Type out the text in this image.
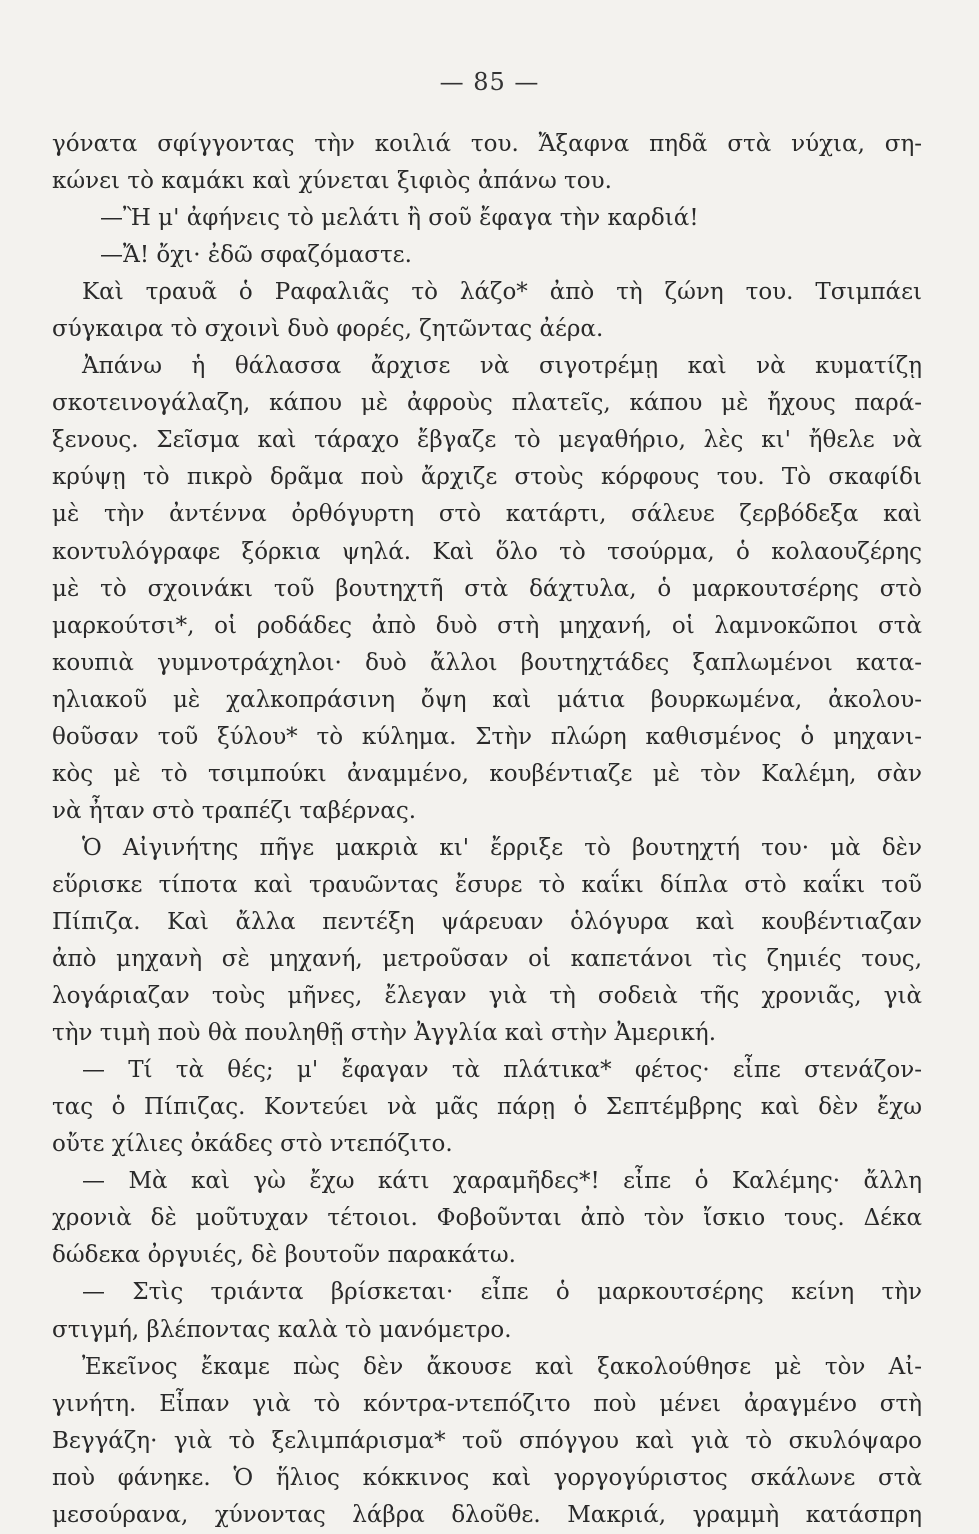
— 85 —
γόνατα σφίγγοντας τὴν κοιλιά του. Ἄξαφνα πηδᾶ στὰ νύχια, ση-
κώνει τὸ καμάκι καὶ χύνεται ξιφιὸς ἀπάνω του.
—Ἢ μ' ἀφήνεις τὸ μελάτι ἢ σοῦ ἔφαγα τὴν καρδιά!
—Ἄ! ὄχι· ἐδῶ σφαζόμαστε.
Καὶ τραυᾶ ὁ Ραφαλιᾶς τὸ λάζο* ἀπὸ τὴ ζώνη του. Τσιμπάει
σύγκαιρα τὸ σχοινὶ δυὸ φορές, ζητῶντας ἀέρα.
Ἀπάνω ἡ θάλασσα ἄρχισε νὰ σιγοτρέμῃ καὶ νὰ κυματίζῃ
σκοτεινογάλαζη, κάπου μὲ ἀφροὺς πλατεῖς, κάπου μὲ ἤχους παρά-
ξενους. Σεῖσμα καὶ τάραχο ἔβγαζε τὸ μεγαθήριο, λὲς κι' ἤθελε νὰ
κρύψῃ τὸ πικρὸ δρᾶμα ποὺ ἄρχιζε στοὺς κόρφους του. Τὸ σκαφίδι
μὲ τὴν ἀντέννα ὀρθόγυρτη στὸ κατάρτι, σάλευε ζερβόδεξα καὶ
κοντυλόγραφε ξόρκια ψηλά. Καὶ ὅλο τὸ τσούρμα, ὁ κολαουζέρης
μὲ τὸ σχοινάκι τοῦ βουτηχτῆ στὰ δάχτυλα, ὁ μαρκουτσέρης στὸ
μαρκούτσι*, οἱ ροδάδες ἀπὸ δυὸ στὴ μηχανή, οἱ λαμνοκῶποι στὰ
κουπιὰ γυμνοτράχηλοι· δυὸ ἄλλοι βουτηχτάδες ξαπλωμένοι κατα-
ηλιακοῦ μὲ χαλκοπράσινη ὄψη καὶ μάτια βουρκωμένα, ἀκολου-
θοῦσαν τοῦ ξύλου* τὸ κύλημα. Στὴν πλώρη καθισμένος ὁ μηχανι-
κὸς μὲ τὸ τσιμπούκι ἀναμμένο, κουβέντιαζε μὲ τὸν Καλέμη, σὰν
νὰ ἦταν στὸ τραπέζι ταβέρνας.
Ὁ Αἰγινήτης πῆγε μακριὰ κι' ἔρριξε τὸ βουτηχτή του· μὰ δὲν
εὕρισκε τίποτα καὶ τραυῶντας ἔσυρε τὸ καΐκι δίπλα στὸ καΐκι τοῦ
Πίπιζα. Καὶ ἄλλα πεντέξη ψάρευαν ὁλόγυρα καὶ κουβέντιαζαν
ἀπὸ μηχανὴ σὲ μηχανή, μετροῦσαν οἱ καπετάνοι τὶς ζημιές τους,
λογάριαζαν τοὺς μῆνες, ἔλεγαν γιὰ τὴ σοδειὰ τῆς χρονιᾶς, γιὰ
τὴν τιμὴ ποὺ θὰ πουληθῇ στὴν Ἀγγλία καὶ στὴν Ἀμερική.
— Τί τὰ θές; μ' ἔφαγαν τὰ πλάτικα* φέτος· εἶπε στενάζον-
τας ὁ Πίπιζας. Κοντεύει νὰ μᾶς πάρῃ ὁ Σεπτέμβρης καὶ δὲν ἔχω
οὔτε χίλιες ὀκάδες στὸ ντεπόζιτο.
— Μὰ καὶ γὼ ἔχω κάτι χαραμῆδες*! εἶπε ὁ Καλέμης· ἄλλη
χρονιὰ δὲ μοῦτυχαν τέτοιοι. Φοβοῦνται ἀπὸ τὸν ἴσκιο τους. Δέκα
δώδεκα ὀργυιές, δὲ βουτοῦν παρακάτω.
— Στὶς τριάντα βρίσκεται· εἶπε ὁ μαρκουτσέρης κείνη τὴν
στιγμή, βλέποντας καλὰ τὸ μανόμετρο.
Ἐκεῖνος ἔκαμε πὼς δὲν ἄκουσε καὶ ξακολούθησε μὲ τὸν Αἰ-
γινήτη. Εἶπαν γιὰ τὸ κόντρα-ντεπόζιτο ποὺ μένει ἀραγμένο στὴ
Βεγγάζη· γιὰ τὸ ξελιμπάρισμα* τοῦ σπόγγου καὶ γιὰ τὸ σκυλόψαρο
ποὺ φάνηκε. Ὁ ἥλιος κόκκινος καὶ γοργογύριστος σκάλωνε στὰ
μεσούρανα, χύνοντας λάβρα δλοῦθε. Μακριά, γραμμὴ κατάσπρη
